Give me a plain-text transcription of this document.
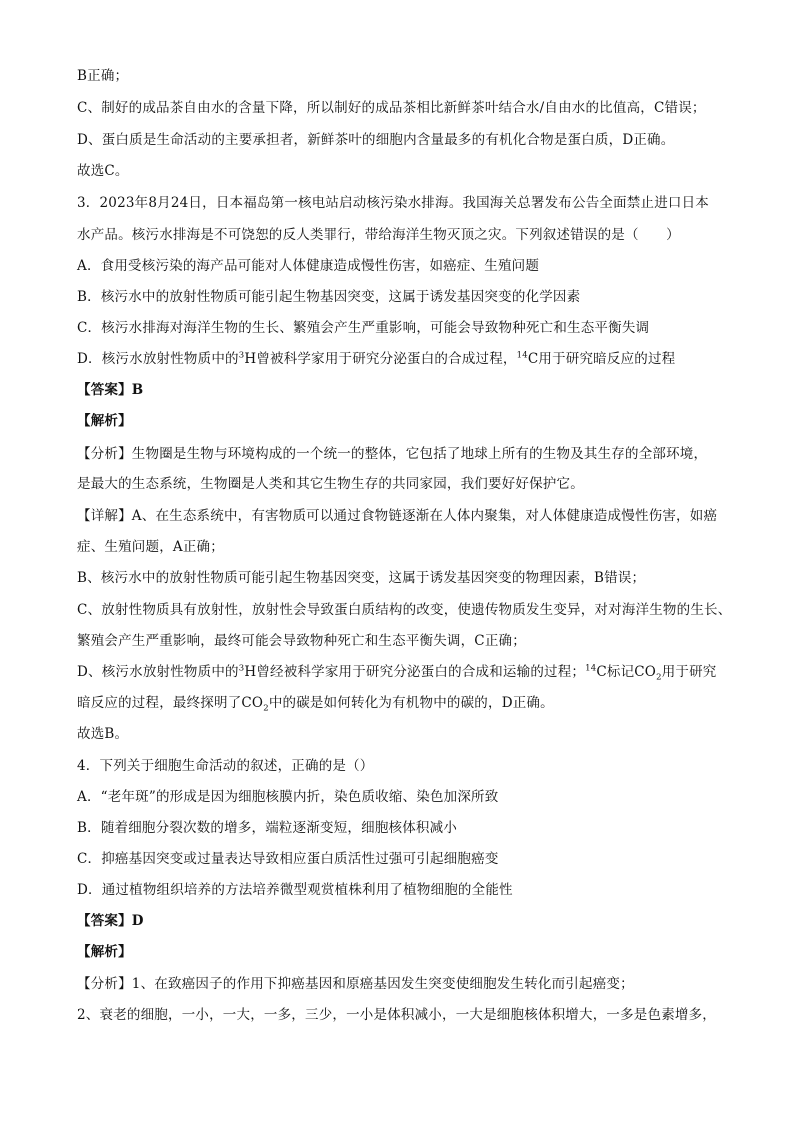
B正确；
C、制好的成品茶自由水的含量下降，所以制好的成品茶相比新鲜茶叶结合水/自由水的比值高，C错误；
D、蛋白质是生命活动的主要承担者，新鲜茶叶的细胞内含量最多的有机化合物是蛋白质，D正确。
故选C。
3．2023年8月24日，日本福岛第一核电站启动核污染水排海。我国海关总署发布公告全面禁止进口日本
水产品。核污水排海是不可饶恕的反人类罪行，带给海洋生物灭顶之灾。下列叙述错误的是（　　）
A．食用受核污染的海产品可能对人体健康造成慢性伤害，如癌症、生殖问题
B．核污水中的放射性物质可能引起生物基因突变，这属于诱发基因突变的化学因素
C．核污水排海对海洋生物的生长、繁殖会产生严重影响，可能会导致物种死亡和生态平衡失调
D．核污水放射性物质中的$^3$H曾被科学家用于研究分泌蛋白的合成过程，$^{14}$C用于研究暗反应的过程
【答案】B
【解析】
【分析】生物圈是生物与环境构成的一个统一的整体，它包括了地球上所有的生物及其生存的全部环境，
是最大的生态系统，生物圈是人类和其它生物生存的共同家园，我们要好好保护它。
【详解】A、在生态系统中，有害物质可以通过食物链逐渐在人体内聚集，对人体健康造成慢性伤害，如癌
症、生殖问题，A正确；
B、核污水中的放射性物质可能引起生物基因突变，这属于诱发基因突变的物理因素，B错误；
C、放射性物质具有放射性，放射性会导致蛋白质结构的改变，使遗传物质发生变异，对对海洋生物的生长、
繁殖会产生严重影响，最终可能会导致物种死亡和生态平衡失调，C正确；
D、核污水放射性物质中的$^3$H曾经被科学家用于研究分泌蛋白的合成和运输的过程；$^{14}$C标记$CO_2$用于研究
暗反应的过程，最终探明了$CO_2$中的碳是如何转化为有机物中的碳的，D正确。
故选B。
4．下列关于细胞生命活动的叙述，正确的是（）
A．“老年斑”的形成是因为细胞核膜内折，染色质收缩、染色加深所致
B．随着细胞分裂次数的增多，端粒逐渐变短，细胞核体积减小
C．抑癌基因突变或过量表达导致相应蛋白质活性过强可引起细胞癌变
D．通过植物组织培养的方法培养微型观赏植株利用了植物细胞的全能性
【答案】D
【解析】
【分析】1、在致癌因子的作用下抑癌基因和原癌基因发生突变使细胞发生转化而引起癌变；
2、衰老的细胞，一小，一大，一多，三少，一小是体积减小，一大是细胞核体积增大，一多是色素增多，
